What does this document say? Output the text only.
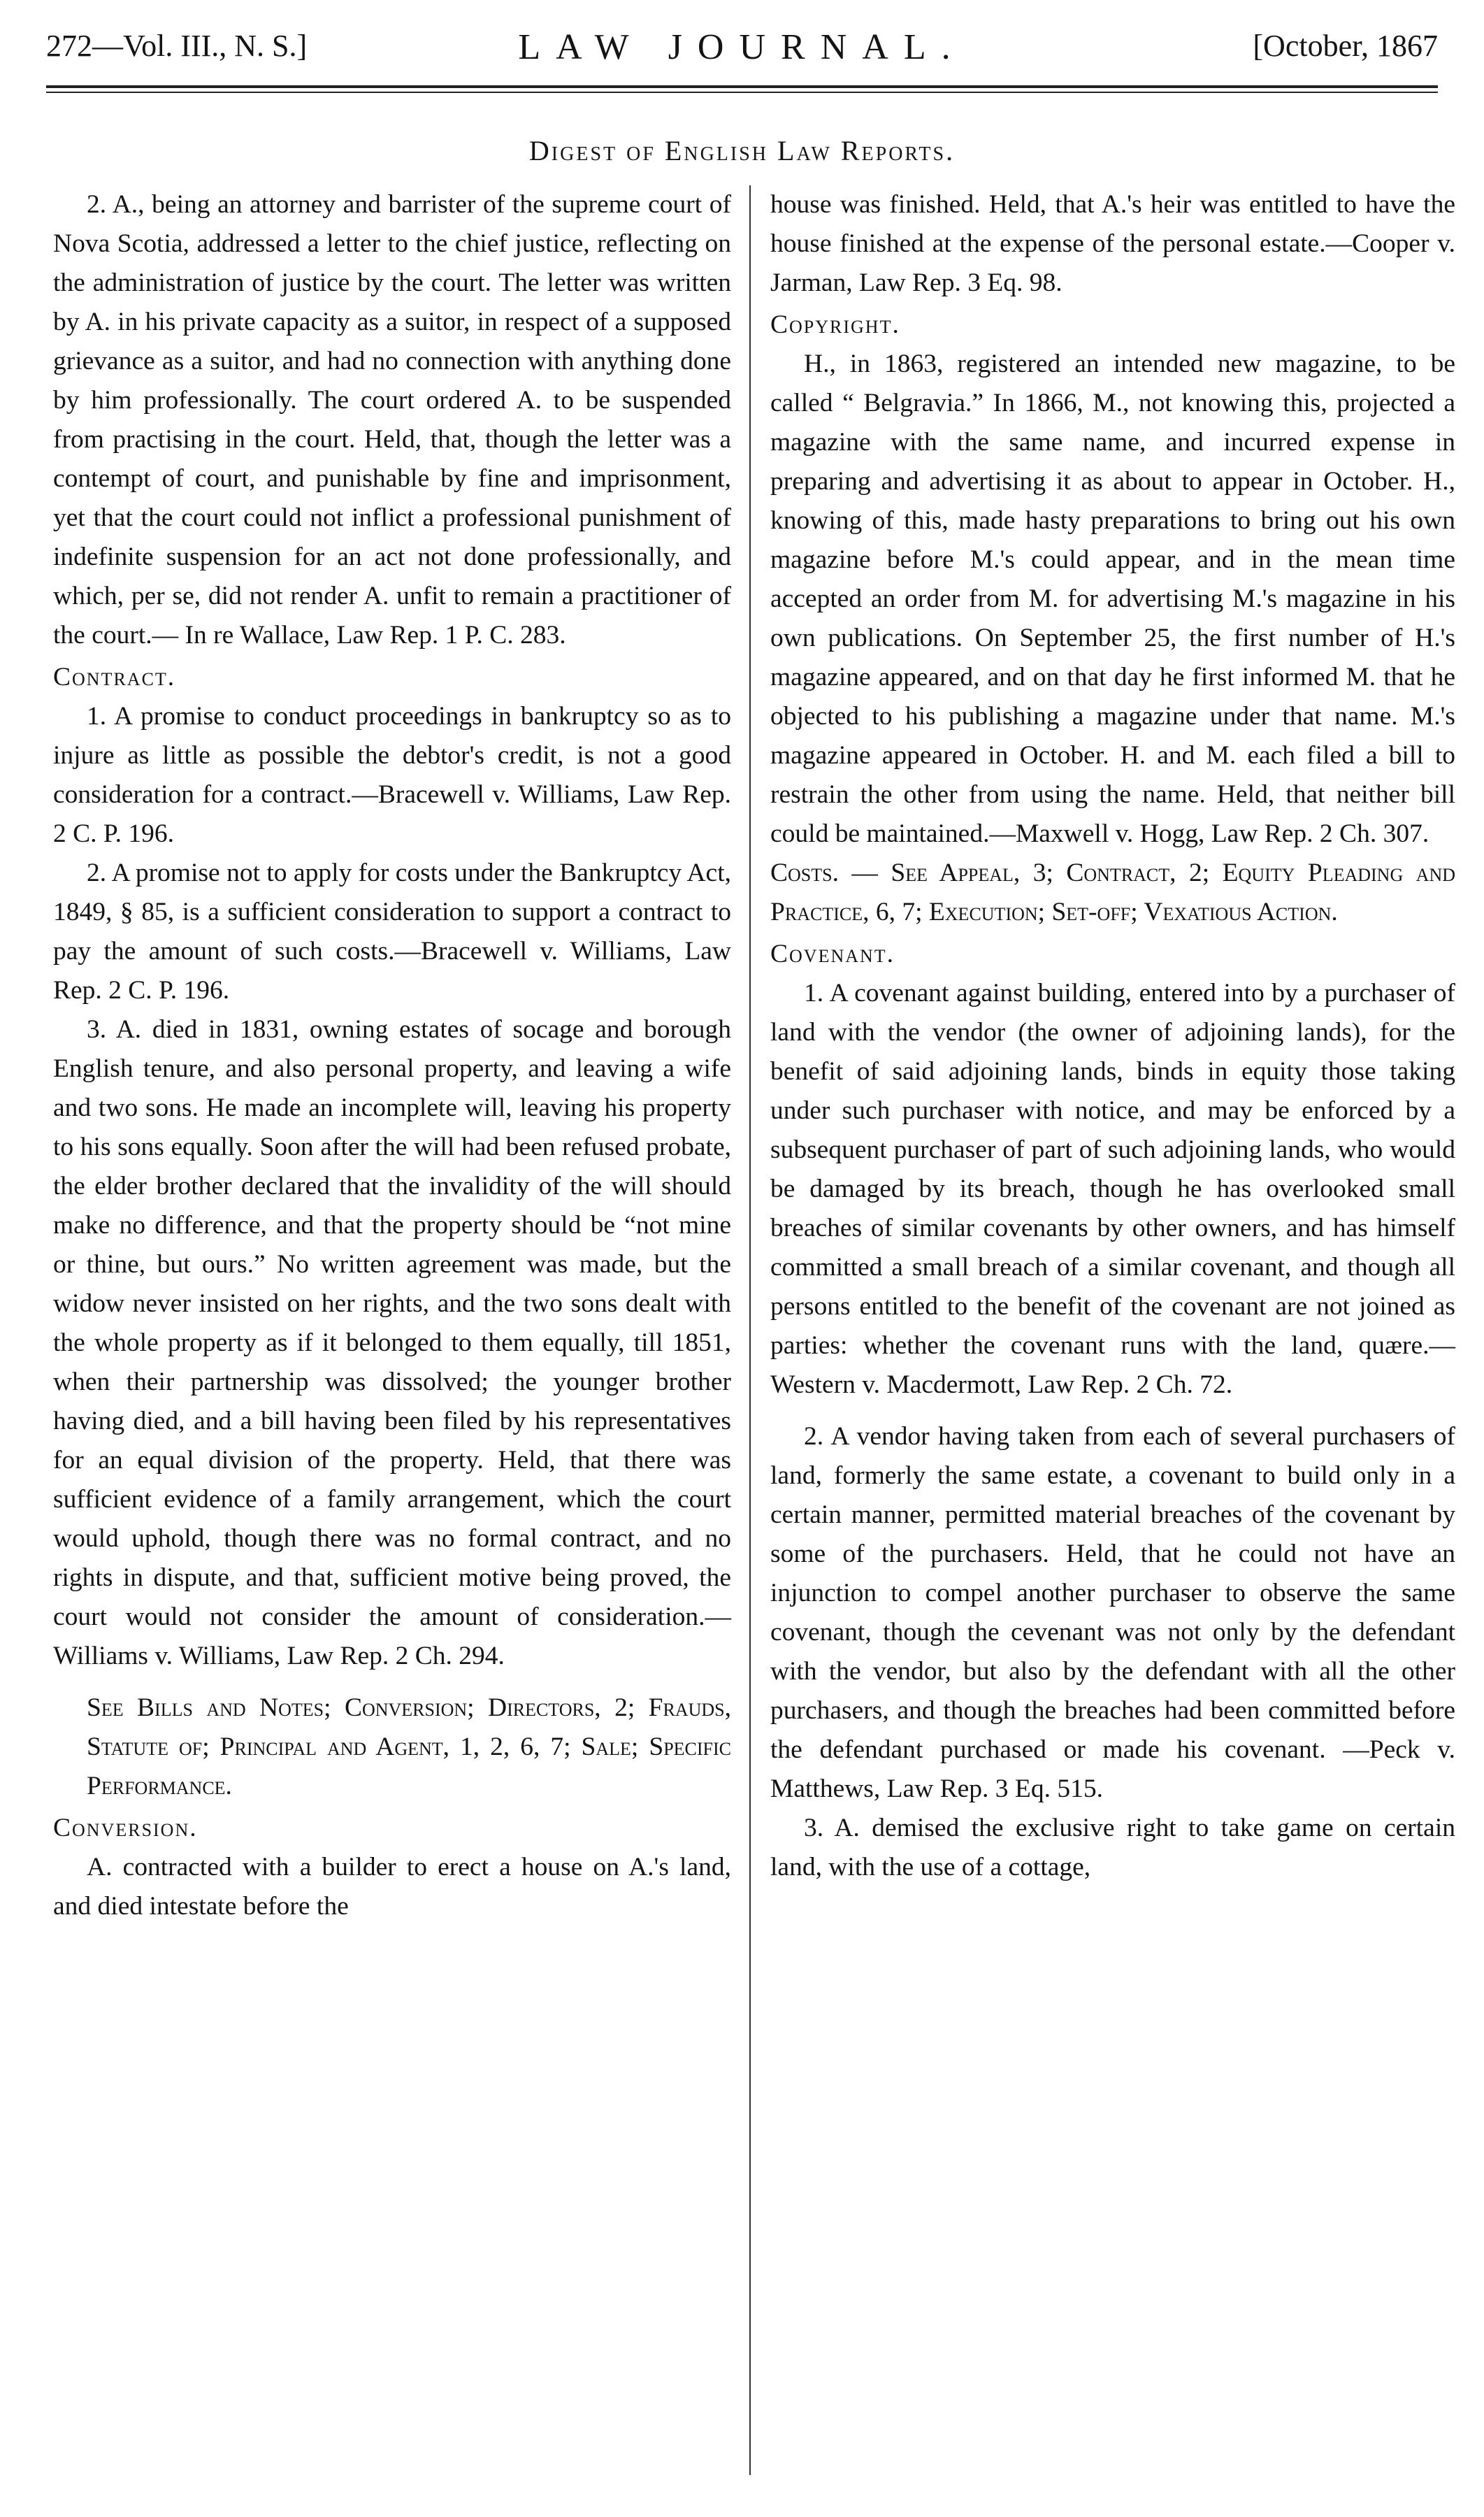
272—Vol. III., N. S.]	LAW JOURNAL.	[October, 1867
Digest of English Law Reports.

2. A., being an attorney and barrister of the supreme court of Nova Scotia, addressed a letter to the chief justice, reflecting on the administration of justice by the court. The letter was written by A. in his private capacity as a suitor, in respect of a supposed grievance as a suitor, and had no connection with anything done by him professionally. The court ordered A. to be suspended from practising in the court. Held, that, though the letter was a contempt of court, and punishable by fine and imprisonment, yet that the court could not inflict a professional punishment of indefinite suspension for an act not done professionally, and which, per se, did not render A. unfit to remain a practitioner of the court.— In re Wallace, Law Rep. 1 P. C. 283.

Contract.

1. A promise to conduct proceedings in bankruptcy so as to injure as little as possible the debtor's credit, is not a good consideration for a contract.—Bracewell v. Williams, Law Rep. 2 C. P. 196.

2. A promise not to apply for costs under the Bankruptcy Act, 1849, § 85, is a sufficient consideration to support a contract to pay the amount of such costs.—Bracewell v. Williams, Law Rep. 2 C. P. 196.

3. A. died in 1831, owning estates of socage and borough English tenure, and also personal property, and leaving a wife and two sons. He made an incomplete will, leaving his property to his sons equally. Soon after the will had been refused probate, the elder brother declared that the invalidity of the will should make no difference, and that the property should be “not mine or thine, but ours.” No written agreement was made, but the widow never insisted on her rights, and the two sons dealt with the whole property as if it belonged to them equally, till 1851, when their partnership was dissolved; the younger brother having died, and a bill having been filed by his representatives for an equal division of the property. Held, that there was sufficient evidence of a family arrangement, which the court would uphold, though there was no formal contract, and no rights in dispute, and that, sufficient motive being proved, the court would not consider the amount of consideration.— Williams v. Williams, Law Rep. 2 Ch. 294.

See Bills and Notes; Conversion; Directors, 2; Frauds, Statute of; Principal and Agent, 1, 2, 6, 7; Sale; Specific Performance.

Conversion.

A. contracted with a builder to erect a house on A.'s land, and died intestate before the

house was finished. Held, that A.'s heir was entitled to have the house finished at the expense of the personal estate.—Cooper v. Jarman, Law Rep. 3 Eq. 98.

Copyright.

H., in 1863, registered an intended new magazine, to be called “ Belgravia.” In 1866, M., not knowing this, projected a magazine with the same name, and incurred expense in preparing and advertising it as about to appear in October. H., knowing of this, made hasty preparations to bring out his own magazine before M.'s could appear, and in the mean time accepted an order from M. for advertising M.'s magazine in his own publications. On September 25, the first number of H.'s magazine appeared, and on that day he first informed M. that he objected to his publishing a magazine under that name. M.'s magazine appeared in October. H. and M. each filed a bill to restrain the other from using the name. Held, that neither bill could be maintained.—Maxwell v. Hogg, Law Rep. 2 Ch. 307.

Costs. — See Appeal, 3; Contract, 2; Equity Pleading and Practice, 6, 7; Execution; Set-off; Vexatious Action.

Covenant.

1. A covenant against building, entered into by a purchaser of land with the vendor (the owner of adjoining lands), for the benefit of said adjoining lands, binds in equity those taking under such purchaser with notice, and may be enforced by a subsequent purchaser of part of such adjoining lands, who would be damaged by its breach, though he has overlooked small breaches of similar covenants by other owners, and has himself committed a small breach of a similar covenant, and though all persons entitled to the benefit of the covenant are not joined as parties: whether the covenant runs with the land, quære.— Western v. Macdermott, Law Rep. 2 Ch. 72.

2. A vendor having taken from each of several purchasers of land, formerly the same estate, a covenant to build only in a certain manner, permitted material breaches of the covenant by some of the purchasers. Held, that he could not have an injunction to compel another purchaser to observe the same covenant, though the cevenant was not only by the defendant with the vendor, but also by the defendant with all the other purchasers, and though the breaches had been committed before the defendant purchased or made his covenant. —Peck v. Matthews, Law Rep. 3 Eq. 515.

3. A. demised the exclusive right to take game on certain land, with the use of a cottage,
